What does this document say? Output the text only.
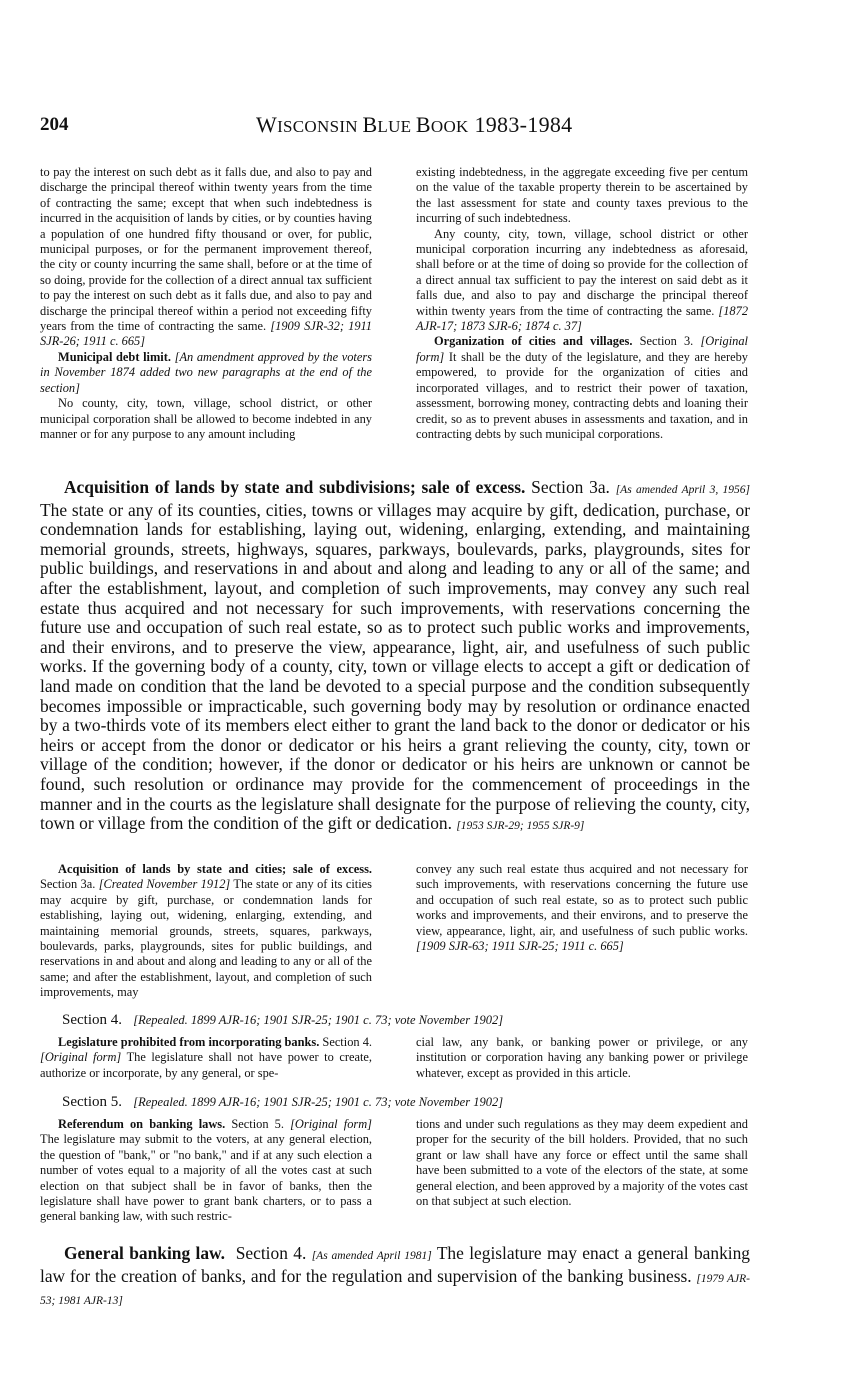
204	WISCONSIN BLUE BOOK 1983-1984

to pay the interest on such debt as it falls due, and also to pay and discharge the principal thereof within twenty years from the time of contracting the same; except that when such indebtedness is incurred in the acquisition of lands by cities, or by counties having a population of one hundred fifty thousand or over, for public, municipal purposes, or for the permanent improvement thereof, the city or county incurring the same shall, before or at the time of so doing, provide for the collection of a direct annual tax sufficient to pay the interest on such debt as it falls due, and also to pay and discharge the principal thereof within a period not exceeding fifty years from the time of contracting the same. [1909 SJR-32; 1911 SJR-26; 1911 c. 665]

Municipal debt limit. [An amendment approved by the voters in November 1874 added two new paragraphs at the end of the section]

No county, city, town, village, school district, or other municipal corporation shall be allowed to become indebted in any manner or for any purpose to any amount including

existing indebtedness, in the aggregate exceeding five per centum on the value of the taxable property therein to be ascertained by the last assessment for state and county taxes previous to the incurring of such indebtedness.

Any county, city, town, village, school district or other municipal corporation incurring any indebtedness as aforesaid, shall before or at the time of doing so provide for the collection of a direct annual tax sufficient to pay the interest on said debt as it falls due, and also to pay and discharge the principal thereof within twenty years from the time of contracting the same. [1872 AJR-17; 1873 SJR-6; 1874 c. 37]

Organization of cities and villages. Section 3. [Original form] It shall be the duty of the legislature, and they are hereby empowered, to provide for the organization of cities and incorporated villages, and to restrict their power of taxation, assessment, borrowing money, contracting debts and loaning their credit, so as to prevent abuses in assessments and taxation, and in contracting debts by such municipal corporations.

Acquisition of lands by state and subdivisions; sale of excess. Section 3a. [As amended April 3, 1956] The state or any of its counties, cities, towns or villages may acquire by gift, dedication, purchase, or condemnation lands for establishing, laying out, widening, enlarging, extending, and maintaining memorial grounds, streets, highways, squares, parkways, boulevards, parks, playgrounds, sites for public buildings, and reservations in and about and along and leading to any or all of the same; and after the establishment, layout, and completion of such improvements, may convey any such real estate thus acquired and not necessary for such improvements, with reservations concerning the future use and occupation of such real estate, so as to protect such public works and improvements, and their environs, and to preserve the view, appearance, light, air, and usefulness of such public works. If the governing body of a county, city, town or village elects to accept a gift or dedication of land made on condition that the land be devoted to a special purpose and the condition subsequently becomes impossible or impracticable, such governing body may by resolution or ordinance enacted by a two-thirds vote of its members elect either to grant the land back to the donor or dedicator or his heirs or accept from the donor or dedicator or his heirs a grant relieving the county, city, town or village of the condition; however, if the donor or dedicator or his heirs are unknown or cannot be found, such resolution or ordinance may provide for the commencement of proceedings in the manner and in the courts as the legislature shall designate for the purpose of relieving the county, city, town or village from the condition of the gift or dedication. [1953 SJR-29; 1955 SJR-9]

Acquisition of lands by state and cities; sale of excess. Section 3a. [Created November 1912] The state or any of its cities may acquire by gift, purchase, or condemnation lands for establishing, laying out, widening, enlarging, extending, and maintaining memorial grounds, streets, squares, parkways, boulevards, parks, playgrounds, sites for public buildings, and reservations in and about and along and leading to any or all of the same; and after the establishment, layout, and completion of such improvements, may

convey any such real estate thus acquired and not necessary for such improvements, with reservations concerning the future use and occupation of such real estate, so as to protect such public works and improvements, and their environs, and to preserve the view, appearance, light, air, and usefulness of such public works. [1909 SJR-63; 1911 SJR-25; 1911 c. 665]

Section 4. [Repealed. 1899 AJR-16; 1901 SJR-25; 1901 c. 73; vote November 1902]

Legislature prohibited from incorporating banks. Section 4. [Original form] The legislature shall not have power to create, authorize or incorporate, by any general, or spe-

cial law, any bank, or banking power or privilege, or any institution or corporation having any banking power or privilege whatever, except as provided in this article.

Section 5. [Repealed. 1899 AJR-16; 1901 SJR-25; 1901 c. 73; vote November 1902]

Referendum on banking laws. Section 5. [Original form] The legislature may submit to the voters, at any general election, the question of "bank," or "no bank," and if at any such election a number of votes equal to a majority of all the votes cast at such election on that subject shall be in favor of banks, then the legislature shall have power to grant bank charters, or to pass a general banking law, with such restric-

tions and under such regulations as they may deem expedient and proper for the security of the bill holders. Provided, that no such grant or law shall have any force or effect until the same shall have been submitted to a vote of the electors of the state, at some general election, and been approved by a majority of the votes cast on that subject at such election.

General banking law. Section 4. [As amended April 1981] The legislature may enact a general banking law for the creation of banks, and for the regulation and supervision of the banking business. [1979 AJR-53; 1981 AJR-13]
